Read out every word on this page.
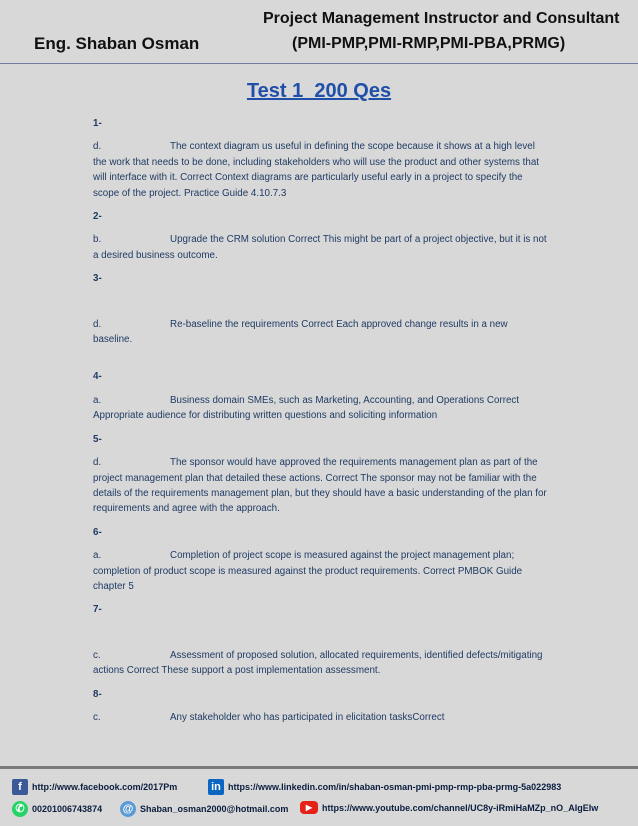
Eng. Shaban Osman
Project Management Instructor and Consultant
(PMI-PMP,PMI-RMP,PMI-PBA,PRMG)
Test 1_200 Qes
1-
d.	The context diagram us useful in defining the scope because it shows at a high level the work that needs to be done, including stakeholders who will use the product and other systems that will interface with it. Correct Context diagrams are particularly useful early in a project to specify the scope of the project. Practice Guide 4.10.7.3
2-
b.	Upgrade the CRM solution Correct This might be part of a project objective, but it is not a desired business outcome.
3-
d.	Re-baseline the requirements Correct Each approved change results in a new baseline.
4-
a.	Business domain SMEs, such as Marketing, Accounting, and Operations Correct Appropriate audience for distributing written questions and soliciting information
5-
d.	The sponsor would have approved the requirements management plan as part of the project management plan that detailed these actions. Correct The sponsor may not be familiar with the details of the requirements management plan, but they should have a basic understanding of the plan for requirements and agree with the approach.
6-
a.	Completion of project scope is measured against the project management plan; completion of product scope is measured against the product requirements. Correct PMBOK Guide chapter 5
7-
c.	Assessment of proposed solution, allocated requirements, identified defects/mitigating actions Correct These support a post implementation assessment.
8-
c.	Any stakeholder who has participated in elicitation tasksCorrect
f	http://www.facebook.com/2017Pm	in https://www.linkedin.com/in/shaban-osman-pmi-pmp-rmp-pba-prmg-5a022983
✆ 00201006743874 @ Shaban_osman2000@hotmail.com	▶	https://www.youtube.com/channel/UC8y-iRmiHaMZp_nO_AIgEIw
